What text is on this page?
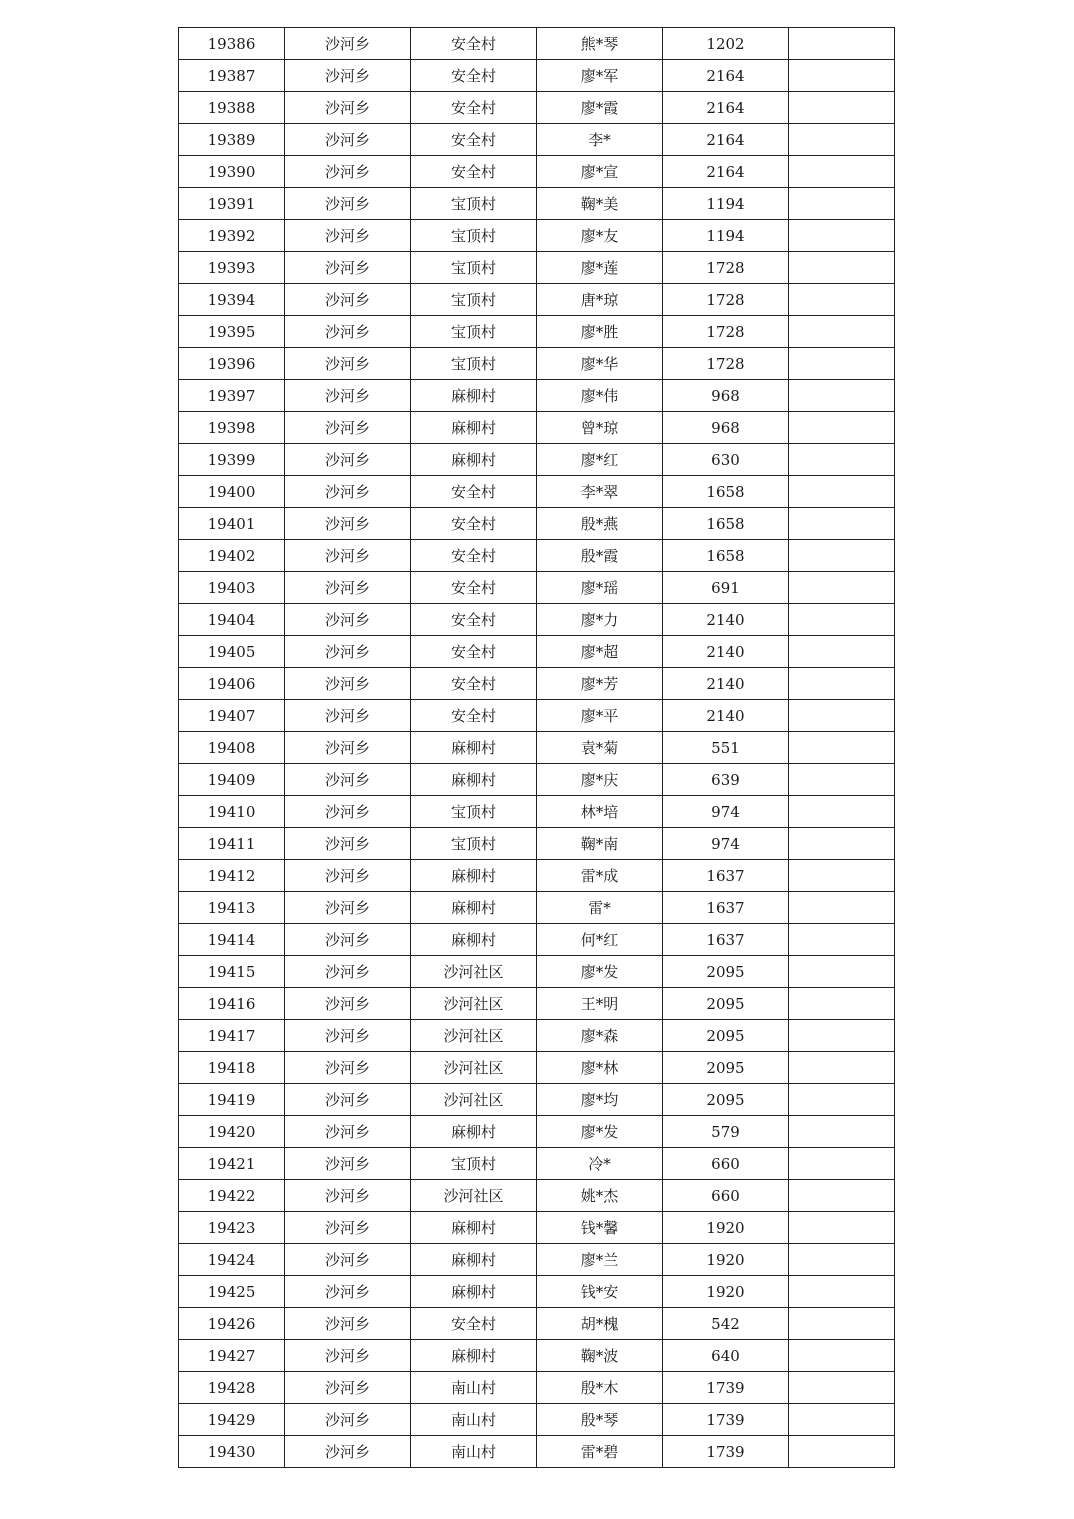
19386	沙河乡	安全村	熊*琴	1202	
19387	沙河乡	安全村	廖*军	2164	
19388	沙河乡	安全村	廖*霞	2164	
19389	沙河乡	安全村	李*	2164	
19390	沙河乡	安全村	廖*宣	2164	
19391	沙河乡	宝顶村	鞠*美	1194	
19392	沙河乡	宝顶村	廖*友	1194	
19393	沙河乡	宝顶村	廖*莲	1728	
19394	沙河乡	宝顶村	唐*琼	1728	
19395	沙河乡	宝顶村	廖*胜	1728	
19396	沙河乡	宝顶村	廖*华	1728	
19397	沙河乡	麻柳村	廖*伟	968	
19398	沙河乡	麻柳村	曾*琼	968	
19399	沙河乡	麻柳村	廖*红	630	
19400	沙河乡	安全村	李*翠	1658	
19401	沙河乡	安全村	殷*燕	1658	
19402	沙河乡	安全村	殷*霞	1658	
19403	沙河乡	安全村	廖*瑶	691	
19404	沙河乡	安全村	廖*力	2140	
19405	沙河乡	安全村	廖*超	2140	
19406	沙河乡	安全村	廖*芳	2140	
19407	沙河乡	安全村	廖*平	2140	
19408	沙河乡	麻柳村	袁*菊	551	
19409	沙河乡	麻柳村	廖*庆	639	
19410	沙河乡	宝顶村	林*培	974	
19411	沙河乡	宝顶村	鞠*南	974	
19412	沙河乡	麻柳村	雷*成	1637	
19413	沙河乡	麻柳村	雷*	1637	
19414	沙河乡	麻柳村	何*红	1637	
19415	沙河乡	沙河社区	廖*发	2095	
19416	沙河乡	沙河社区	王*明	2095	
19417	沙河乡	沙河社区	廖*森	2095	
19418	沙河乡	沙河社区	廖*林	2095	
19419	沙河乡	沙河社区	廖*均	2095	
19420	沙河乡	麻柳村	廖*发	579	
19421	沙河乡	宝顶村	冷*	660	
19422	沙河乡	沙河社区	姚*杰	660	
19423	沙河乡	麻柳村	钱*馨	1920	
19424	沙河乡	麻柳村	廖*兰	1920	
19425	沙河乡	麻柳村	钱*安	1920	
19426	沙河乡	安全村	胡*槐	542	
19427	沙河乡	麻柳村	鞠*波	640	
19428	沙河乡	南山村	殷*木	1739	
19429	沙河乡	南山村	殷*琴	1739	
19430	沙河乡	南山村	雷*碧	1739	
